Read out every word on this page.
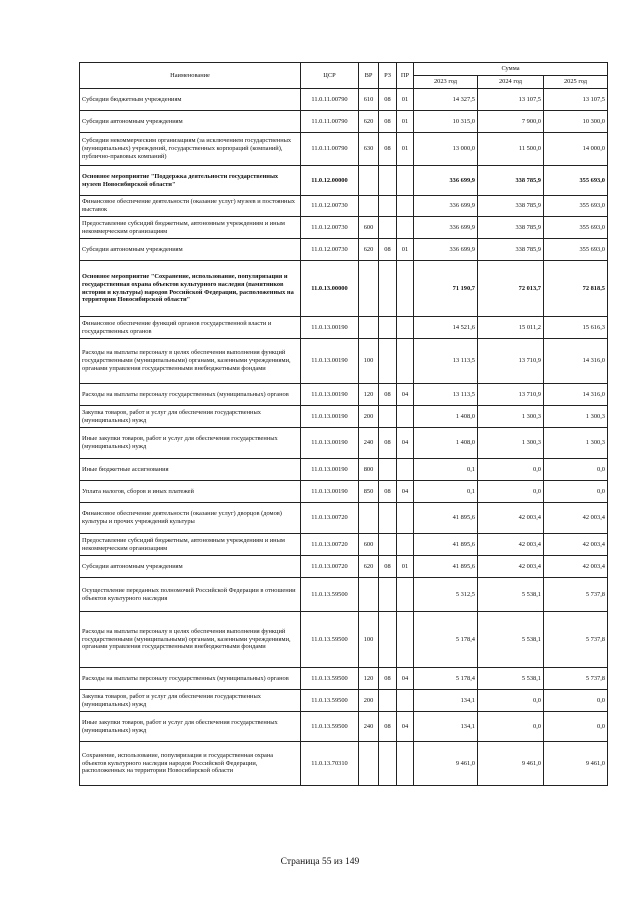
Наименование	ЦСР	ВР	РЗ	ПР	Сумма		
					2023 год	2024 год	2025 год
Субсидии бюджетным учреждениям	11.0.11.00790	610	08	01	14 327,5	13 107,5	13 107,5
Субсидии автономным учреждениям	11.0.11.00790	620	08	01	10 315,0	7 900,0	10 300,0
Субсидии некоммерческим организациям (за исключением государственных (муниципальных) учреждений, государственных корпораций (компаний), публично-правовых компаний)	11.0.11.00790	630	08	01	13 000,0	11 500,0	14 000,0
Основное мероприятие "Поддержка деятельности государственных музеев Новосибирской области"	11.0.12.00000				336 699,9	338 785,9	355 693,0
Финансовое обеспечение деятельности (оказание услуг) музеев и постоянных выставок	11.0.12.00730				336 699,9	338 785,9	355 693,0
Предоставление субсидий бюджетным, автономным учреждениям и иным некоммерческим организациям	11.0.12.00730	600			336 699,9	338 785,9	355 693,0
Субсидии автономным учреждениям	11.0.12.00730	620	08	01	336 699,9	338 785,9	355 693,0
Основное мероприятие "Сохранение, использование, популяризация и государственная охрана объектов культурного наследия (памятников истории и культуры) народов Российской Федерации, расположенных на территории Новосибирской области"	11.0.13.00000				71 190,7	72 013,7	72 818,5
Финансовое обеспечение функций органов государственной власти и государственных органов	11.0.13.00190				14 521,6	15 011,2	15 616,3
Расходы на выплаты персоналу в целях обеспечения выполнения функций государственными (муниципальными) органами, казенными учреждениями, органами управления государственными внебюджетными фондами	11.0.13.00190	100			13 113,5	13 710,9	14 316,0
Расходы на выплаты персоналу государственных (муниципальных) органов	11.0.13.00190	120	08	04	13 113,5	13 710,9	14 316,0
Закупка товаров, работ и услуг для обеспечения государственных (муниципальных) нужд	11.0.13.00190	200			1 408,0	1 300,3	1 300,3
Иные закупки товаров, работ и услуг для обеспечения государственных (муниципальных) нужд	11.0.13.00190	240	08	04	1 408,0	1 300,3	1 300,3
Иные бюджетные ассигнования	11.0.13.00190	800			0,1	0,0	0,0
Уплата налогов, сборов и иных платежей	11.0.13.00190	850	08	04	0,1	0,0	0,0
Финансовое обеспечение деятельности (оказание услуг) дворцов (домов) культуры и прочих учреждений культуры	11.0.13.00720				41 895,6	42 003,4	42 003,4
Предоставление субсидий бюджетным, автономным учреждениям и иным некоммерческим организациям	11.0.13.00720	600			41 895,6	42 003,4	42 003,4
Субсидии автономным учреждениям	11.0.13.00720	620	08	01	41 895,6	42 003,4	42 003,4
Осуществление переданных полномочий Российской Федерации в отношении объектов культурного наследия	11.0.13.59500				5 312,5	5 538,1	5 737,8
Расходы на выплаты персоналу в целях обеспечения выполнения функций государственными (муниципальными) органами, казенными учреждениями, органами управления государственными внебюджетными фондами	11.0.13.59500	100			5 178,4	5 538,1	5 737,8
Расходы на выплаты персоналу государственных (муниципальных) органов	11.0.13.59500	120	08	04	5 178,4	5 538,1	5 737,8
Закупка товаров, работ и услуг для обеспечения государственных (муниципальных) нужд	11.0.13.59500	200			134,1	0,0	0,0
Иные закупки товаров, работ и услуг для обеспечения государственных (муниципальных) нужд	11.0.13.59500	240	08	04	134,1	0,0	0,0
Сохранение, использование, популяризация и государственная охрана объектов культурного наследия народов Российской Федерации, расположенных на территории Новосибирской области	11.0.13.70310				9 461,0	9 461,0	9 461,0
Страница 55 из 149
